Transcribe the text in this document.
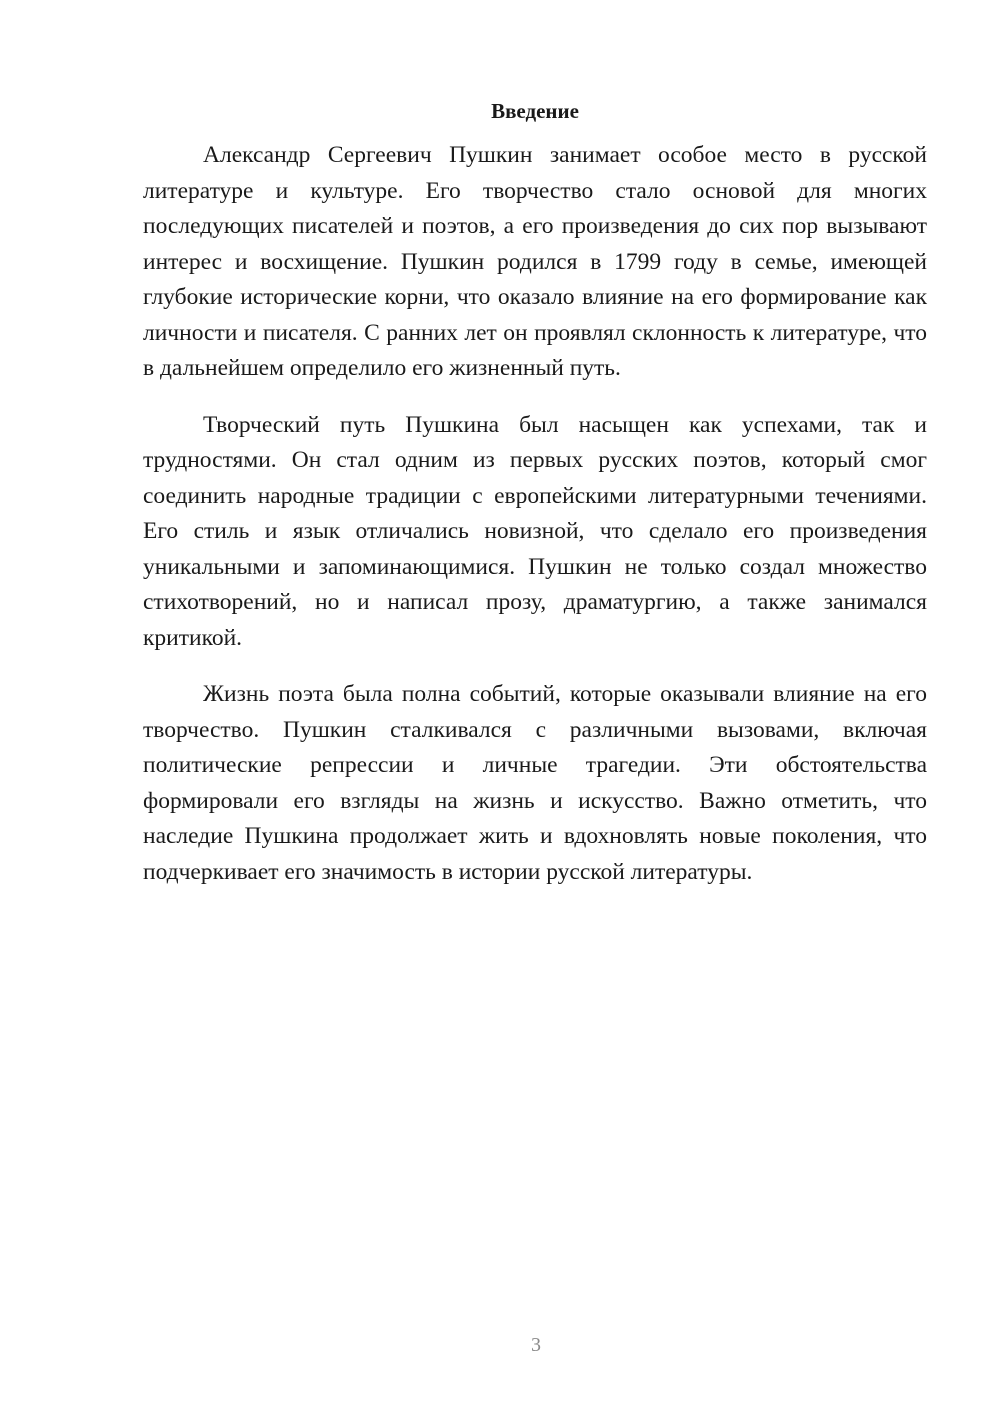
Введение

Александр Сергеевич Пушкин занимает особое место в русской литературе и культуре. Его творчество стало основой для многих последующих писателей и поэтов, а его произведения до сих пор вызывают интерес и восхищение. Пушкин родился в 1799 году в семье, имеющей глубокие исторические корни, что оказало влияние на его формирование как личности и писателя. С ранних лет он проявлял склонность к литературе, что в дальнейшем определило его жизненный путь.

Творческий путь Пушкина был насыщен как успехами, так и трудностями. Он стал одним из первых русских поэтов, который смог соединить народные традиции с европейскими литературными течениями. Его стиль и язык отличались новизной, что сделало его произведения уникальными и запоминающимися. Пушкин не только создал множество стихотворений, но и написал прозу, драматургию, а также занимался критикой.

Жизнь поэта была полна событий, которые оказывали влияние на его творчество. Пушкин сталкивался с различными вызовами, включая политические репрессии и личные трагедии. Эти обстоятельства формировали его взгляды на жизнь и искусство. Важно отметить, что наследие Пушкина продолжает жить и вдохновлять новые поколения, что подчеркивает его значимость в истории русской литературы.

3
